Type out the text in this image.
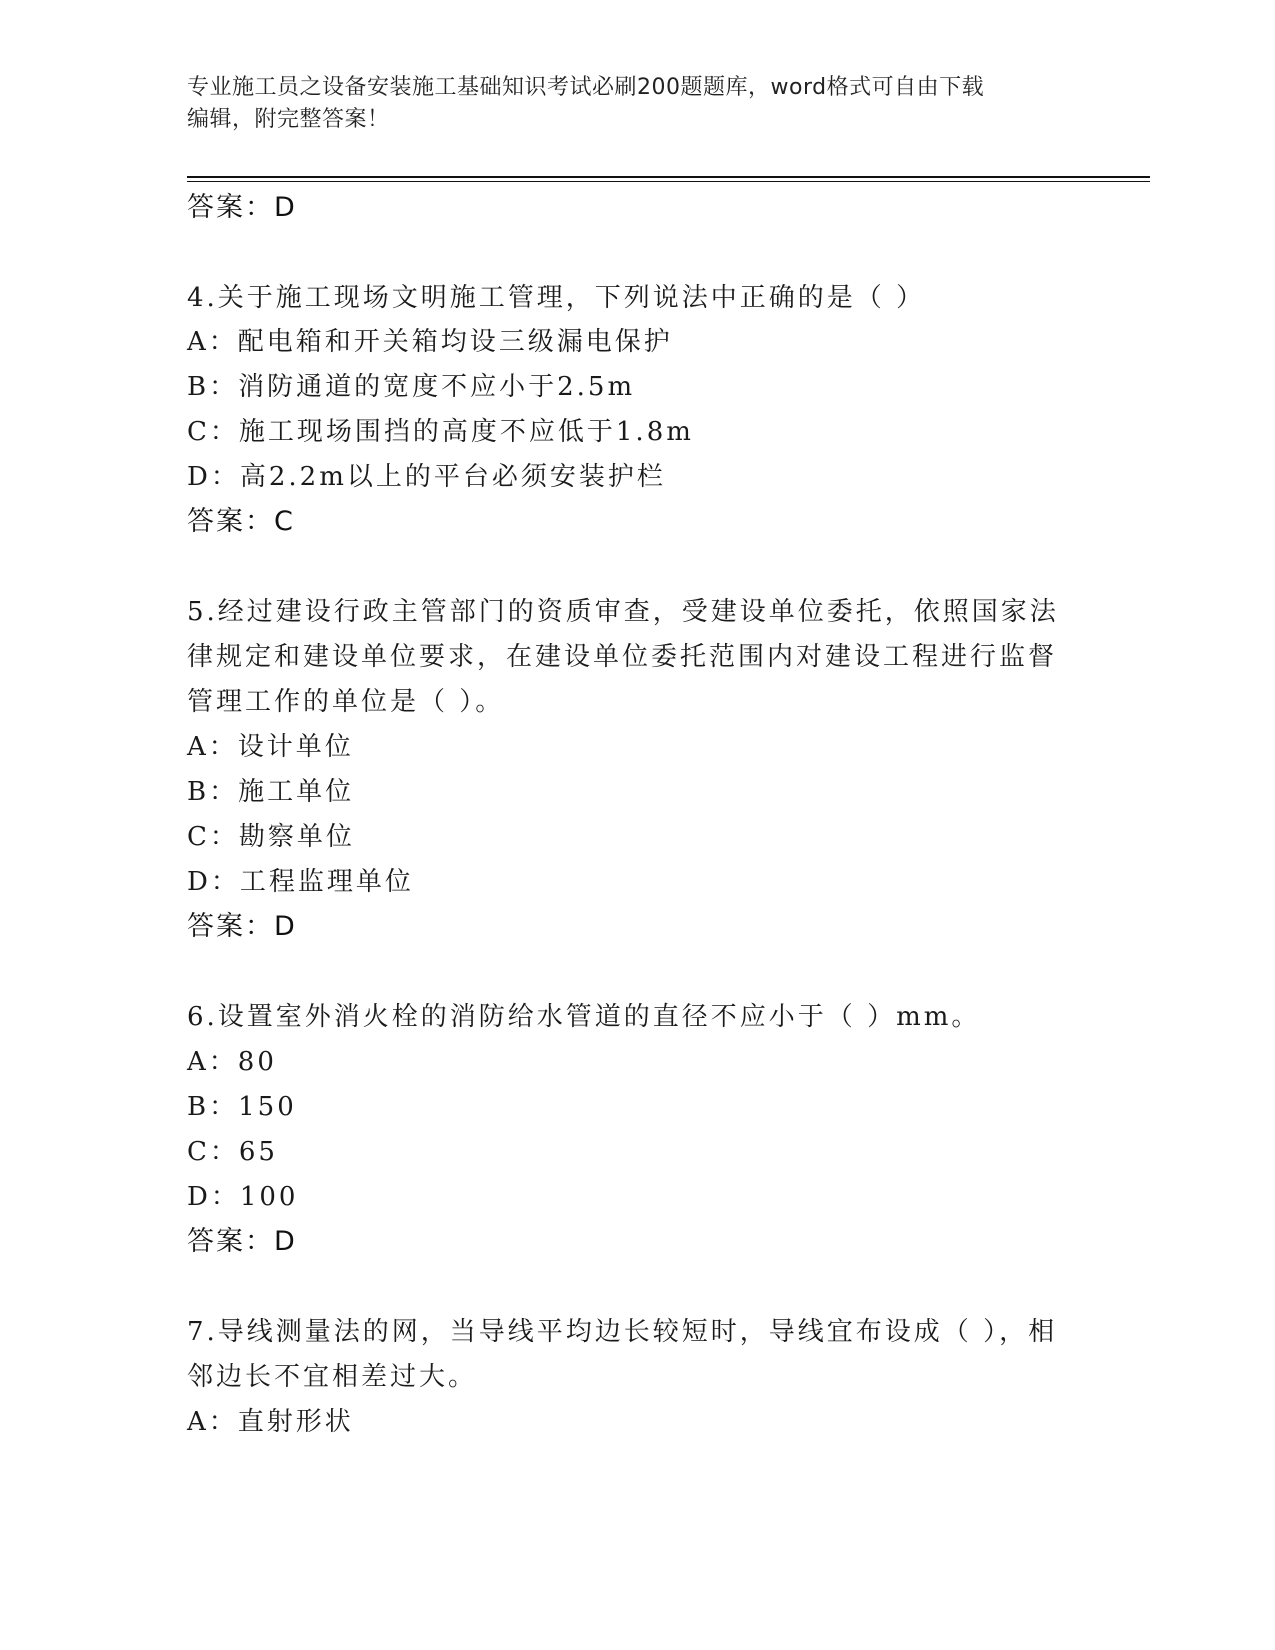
专业施工员之设备安装施工基础知识考试必刷200题题库，word格式可自由下载
编辑，附完整答案！
答案：D
4.关于施工现场文明施工管理，下列说法中正确的是（ ）
A：配电箱和开关箱均设三级漏电保护
B：消防通道的宽度不应小于2.5m
C：施工现场围挡的高度不应低于1.8m
D：高2.2m以上的平台必须安装护栏
答案：C
5.经过建设行政主管部门的资质审查，受建设单位委托，依照国家法
律规定和建设单位要求，在建设单位委托范围内对建设工程进行监督
管理工作的单位是（ ）。
A：设计单位
B：施工单位
C：勘察单位
D：工程监理单位
答案：D
6.设置室外消火栓的消防给水管道的直径不应小于（ ）mm。
A：80
B：150
C：65
D：100
答案：D
7.导线测量法的网，当导线平均边长较短时，导线宜布设成（ ），相
邻边长不宜相差过大。
A：直射形状
